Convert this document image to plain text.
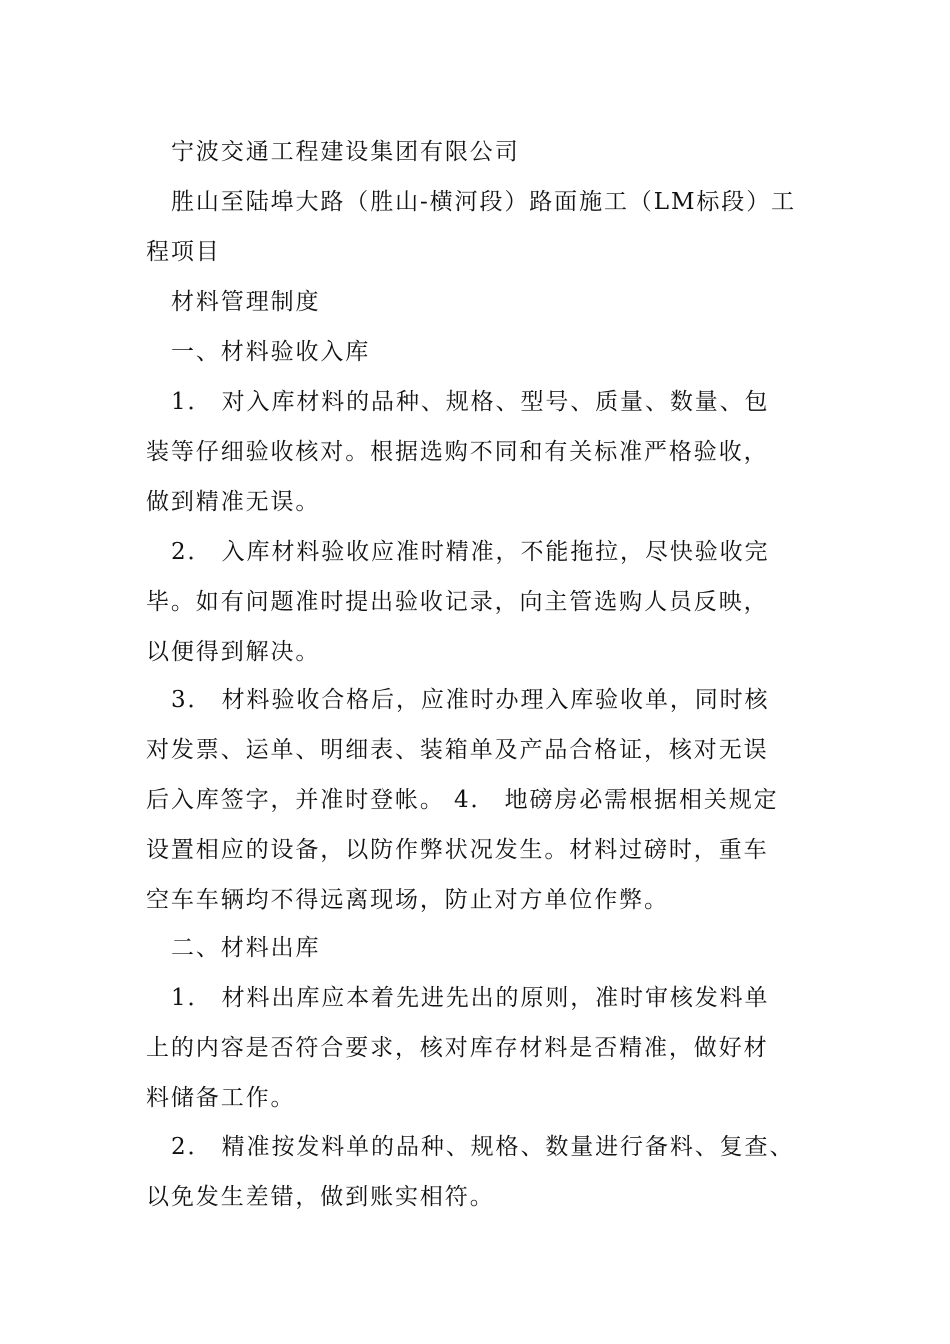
宁波交通工程建设集团有限公司

胜山至陆埠大路（胜山-横河段）路面施工（LM标段）工
程项目

材料管理制度

一、材料验收入库

1． 对入库材料的品种、规格、型号、质量、数量、包
装等仔细验收核对。根据选购不同和有关标准严格验收，
做到精准无误。

2． 入库材料验收应准时精准，不能拖拉，尽快验收完
毕。如有问题准时提出验收记录，向主管选购人员反映，
以便得到解决。

3． 材料验收合格后，应准时办理入库验收单，同时核
对发票、运单、明细表、装箱单及产品合格证，核对无误
后入库签字，并准时登帐。 4． 地磅房必需根据相关规定
设置相应的设备，以防作弊状况发生。材料过磅时，重车
空车车辆均不得远离现场，防止对方单位作弊。

二、材料出库

1． 材料出库应本着先进先出的原则，准时审核发料单
上的内容是否符合要求，核对库存材料是否精准，做好材
料储备工作。

2． 精准按发料单的品种、规格、数量进行备料、复查、
以免发生差错，做到账实相符。
